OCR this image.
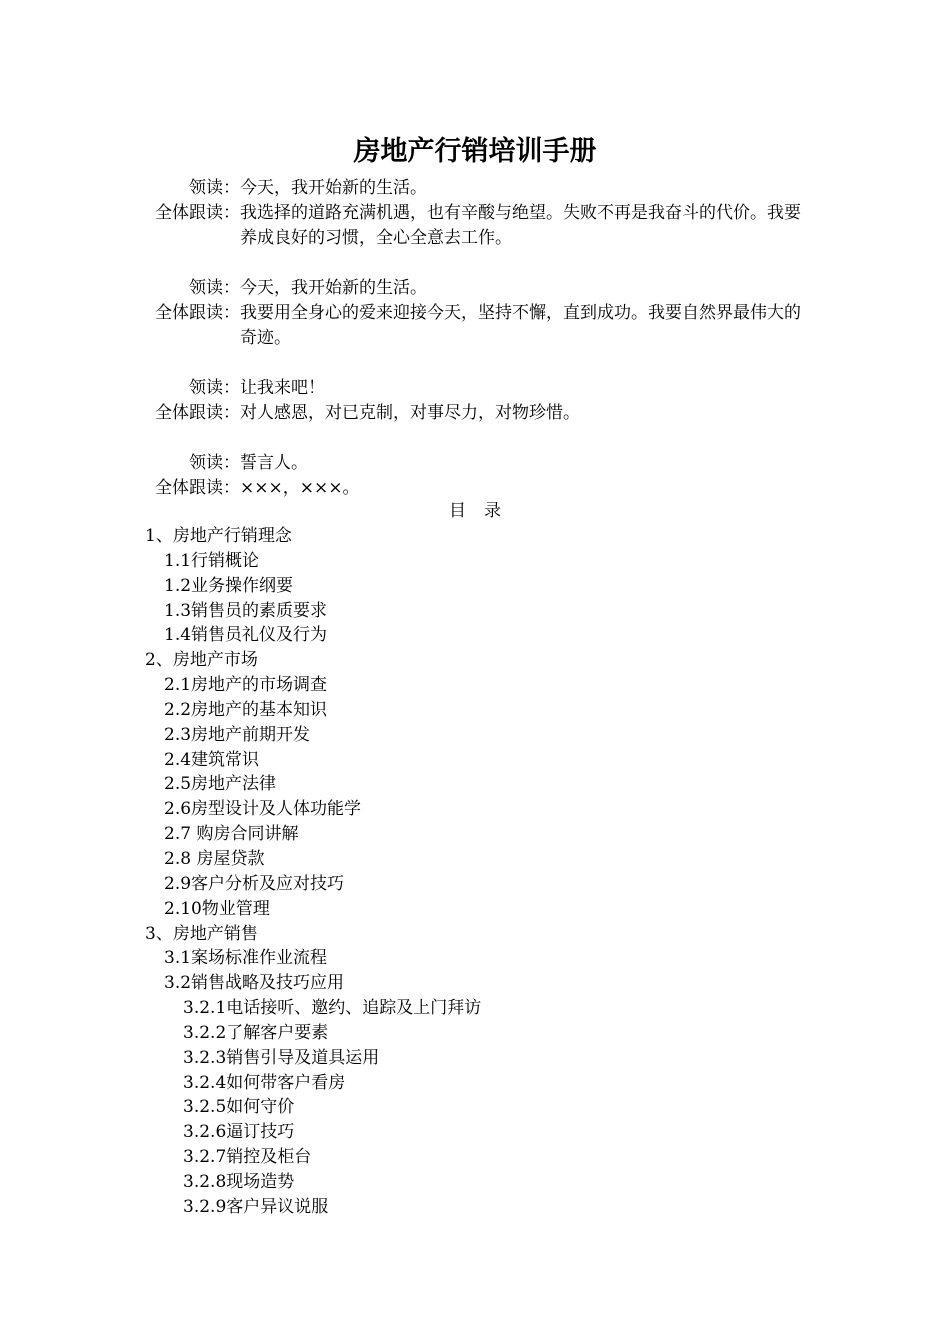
房地产行销培训手册
领读： 今天，我开始新的生活。
全体跟读： 我选择的道路充满机遇，也有辛酸与绝望。失败不再是我奋斗的代价。我要养成良好的习惯，全心全意去工作。
领读： 今天，我开始新的生活。
全体跟读： 我要用全身心的爱来迎接今天，坚持不懈，直到成功。我要自然界最伟大的奇迹。
领读： 让我来吧！
全体跟读： 对人感恩，对已克制，对事尽力，对物珍惜。
领读： 誓言人。
全体跟读： ×××，×××。
目录
1、房地产行销理念
1.1行销概论
1.2业务操作纲要
1.3销售员的素质要求
1.4销售员礼仪及行为
2、房地产市场
2.1房地产的市场调查
2.2房地产的基本知识
2.3房地产前期开发
2.4建筑常识
2.5房地产法律
2.6房型设计及人体功能学
2.7 购房合同讲解
2.8 房屋贷款
2.9客户分析及应对技巧
2.10物业管理
3、房地产销售
3.1案场标准作业流程
3.2销售战略及技巧应用
3.2.1电话接听、邀约、追踪及上门拜访
3.2.2了解客户要素
3.2.3销售引导及道具运用
3.2.4如何带客户看房
3.2.5如何守价
3.2.6逼订技巧
3.2.7销控及柜台
3.2.8现场造势
3.2.9客户异议说服
